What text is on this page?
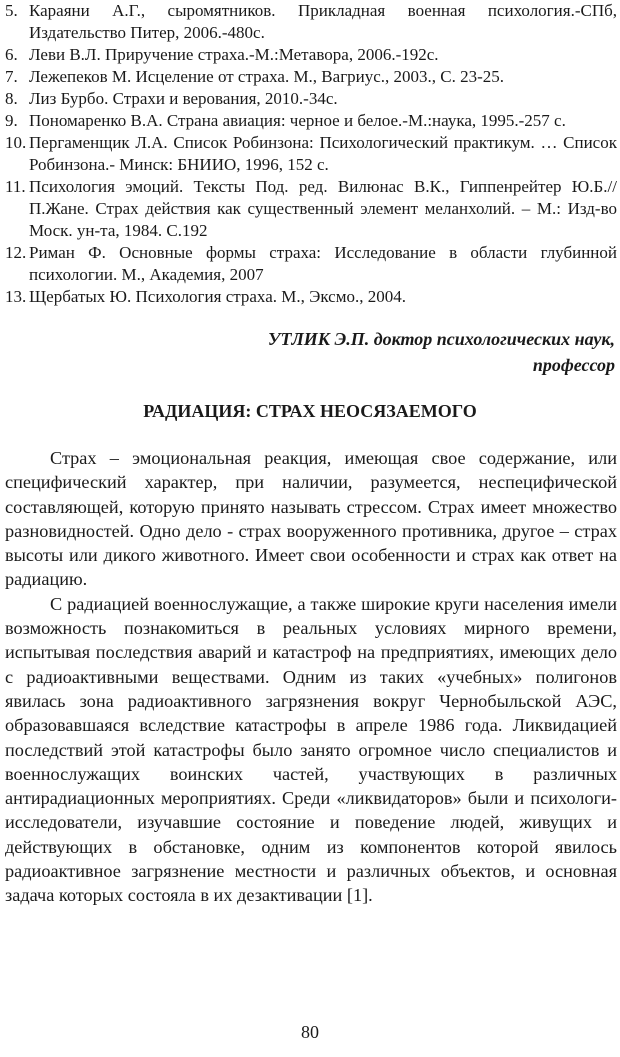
5. Караяни А.Г., сыромятников. Прикладная военная психология.-СПб, Издательство Питер, 2006.-480с.
6. Леви В.Л. Приручение страха.-М.:Метавора, 2006.-192с.
7. Лежепеков М. Исцеление от страха. М., Вагриус., 2003., С. 23-25.
8. Лиз Бурбо. Страхи и верования, 2010.-34с.
9. Пономаренко В.А. Страна авиация: черное и белое.-М.:наука, 1995.-257 с.
10. Пергаменщик Л.А. Список Робинзона: Психологический практикум. … Список Робинзона.- Минск: БНИИО, 1996, 152 с.
11. Психология эмоций. Тексты Под. ред. Вилюнас В.К., Гиппенрейтер Ю.Б.//П.Жане. Страх действия как существенный элемент меланхолий. – М.: Изд-во Моск. ун-та, 1984. С.192
12. Риман Ф. Основные формы страха: Исследование в области глубинной психологии. М., Академия, 2007
13. Щербатых Ю. Психология страха. М., Эксмо., 2004.
УТЛИК Э.П. доктор психологических наук,
профессор
РАДИАЦИЯ: СТРАХ НЕОСЯЗАЕМОГО

Страх – эмоциональная реакция, имеющая свое содержание, или специфический характер, при наличии, разумеется, неспецифической составляющей, которую принято называть стрессом. Страх имеет множество разновидностей. Одно дело - страх вооруженного противника, другое – страх высоты или дикого животного. Имеет свои особенности и страх как ответ на радиацию.

С радиацией военнослужащие, а также широкие круги населения имели возможность познакомиться в реальных условиях мирного времени, испытывая последствия аварий и катастроф на предприятиях, имеющих дело с радиоактивными веществами. Одним из таких «учебных» полигонов явилась зона радиоактивного загрязнения вокруг Чернобыльской АЭС, образовавшаяся вследствие катастрофы в апреле 1986 года. Ликвидацией последствий этой катастрофы было занято огромное число специалистов и военнослужащих воинских частей, участвующих в различных антирадиационных мероприятиях. Среди «ликвидаторов» были и психологи-исследователи, изучавшие состояние и поведение людей, живущих и действующих в обстановке, одним из компонентов которой явилось радиоактивное загрязнение местности и различных объектов, и основная задача которых состояла в их дезактивации [1].

80
